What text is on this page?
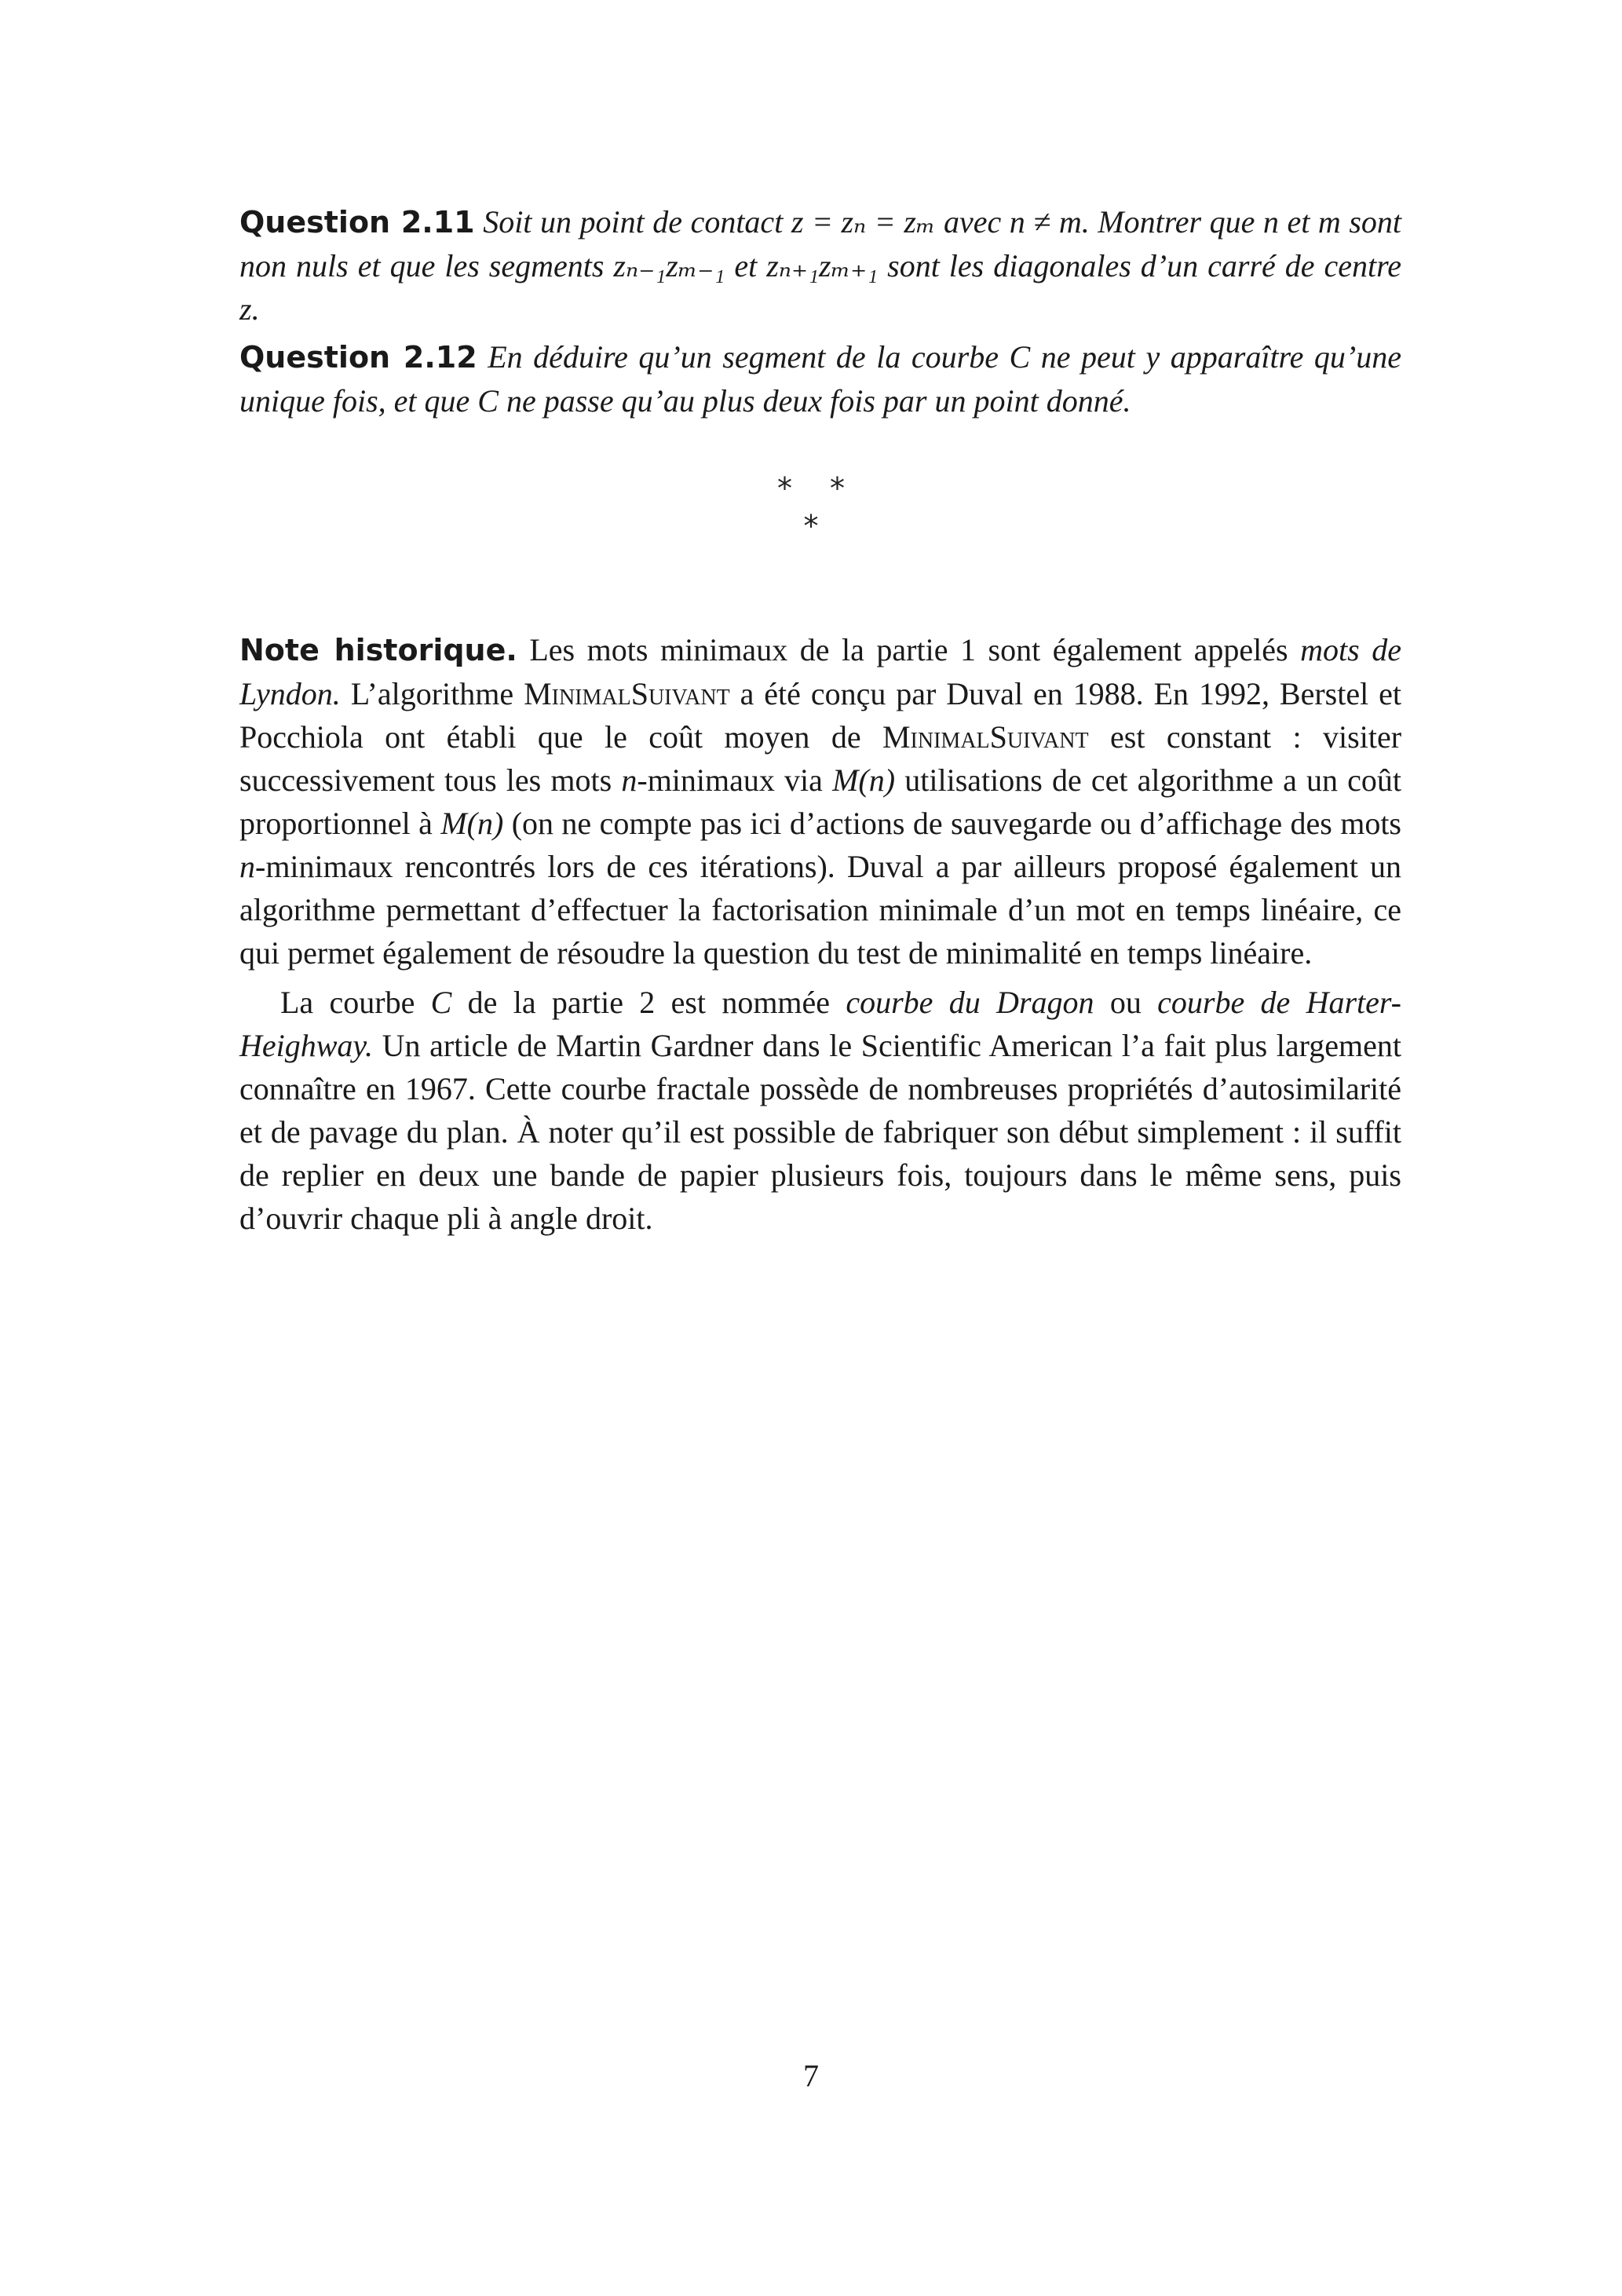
Question 2.11 Soit un point de contact z = zₙ = zₘ avec n ≠ m. Montrer que n et m sont non nuls et que les segments zₙ₋₁zₘ₋₁ et zₙ₊₁zₘ₊₁ sont les diagonales d’un carré de centre z.
Question 2.12 En déduire qu’un segment de la courbe C ne peut y apparaître qu’une unique fois, et que C ne passe qu’au plus deux fois par un point donné.
* *
*

Note historique. Les mots minimaux de la partie 1 sont également appelés mots de Lyndon. L’algorithme MinimalSuivant a été conçu par Duval en 1988. En 1992, Berstel et Pocchiola ont établi que le coût moyen de MinimalSuivant est constant : visiter successivement tous les mots n-minimaux via M(n) utilisations de cet algorithme a un coût proportionnel à M(n) (on ne compte pas ici d’actions de sauvegarde ou d’affichage des mots n-minimaux rencontrés lors de ces itérations). Duval a par ailleurs proposé également un algorithme permettant d’effectuer la factorisation minimale d’un mot en temps linéaire, ce qui permet également de résoudre la question du test de minimalité en temps linéaire.

La courbe C de la partie 2 est nommée courbe du Dragon ou courbe de Harter-Heighway. Un article de Martin Gardner dans le Scientific American l’a fait plus largement connaître en 1967. Cette courbe fractale possède de nombreuses propriétés d’autosimilarité et de pavage du plan. À noter qu’il est possible de fabriquer son début simplement : il suffit de replier en deux une bande de papier plusieurs fois, toujours dans le même sens, puis d’ouvrir chaque pli à angle droit.

7
